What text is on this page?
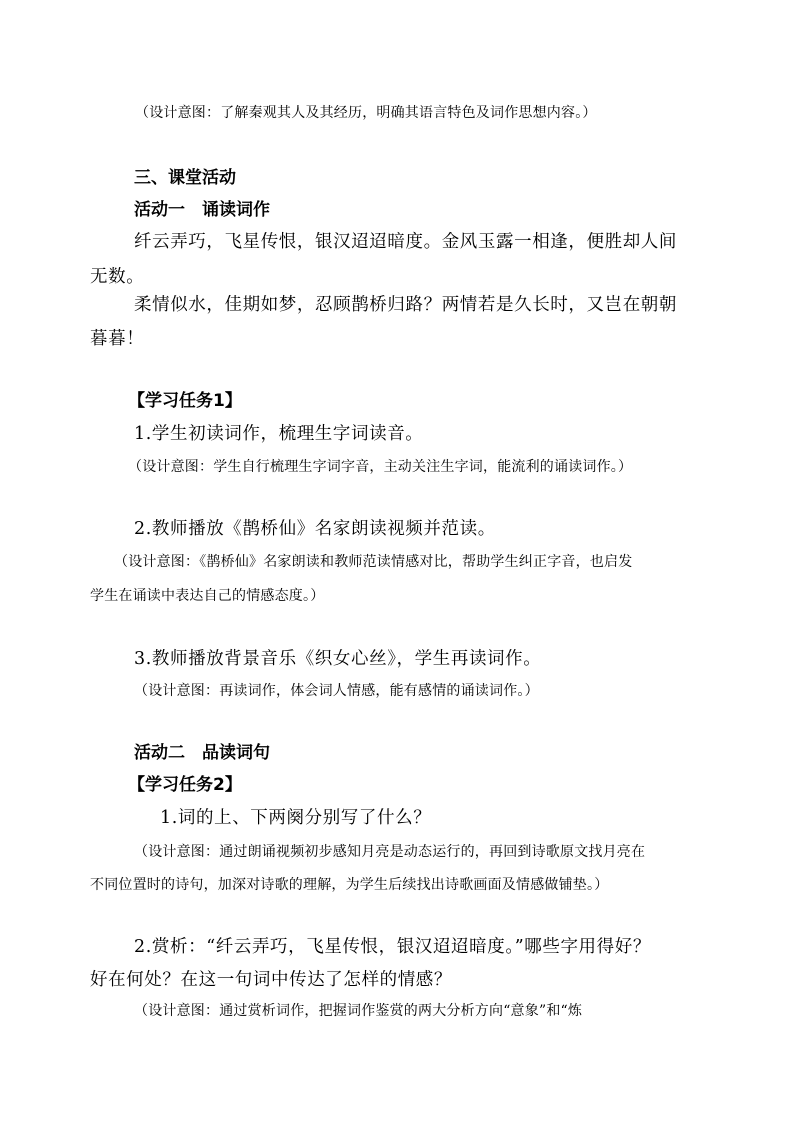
（设计意图：了解秦观其人及其经历，明确其语言特色及词作思想内容。）
三、课堂活动
活动一　诵读词作
纤云弄巧，飞星传恨，银汉迢迢暗度。金风玉露一相逢，便胜却人间
无数。
柔情似水，佳期如梦，忍顾鹊桥归路？两情若是久长时，又岂在朝朝
暮暮！
【学习任务1】
1.学生初读词作，梳理生字词读音。
（设计意图：学生自行梳理生字词字音，主动关注生字词，能流利的诵读词作。）
2.教师播放《鹊桥仙》名家朗读视频并范读。
（设计意图：《鹊桥仙》名家朗读和教师范读情感对比，帮助学生纠正字音，也启发
学生在诵读中表达自己的情感态度。）
3.教师播放背景音乐《织女心丝》，学生再读词作。
（设计意图：再读词作，体会词人情感，能有感情的诵读词作。）
活动二　品读词句
【学习任务2】
1.词的上、下两阕分别写了什么？
（设计意图：通过朗诵视频初步感知月亮是动态运行的，再回到诗歌原文找月亮在
不同位置时的诗句，加深对诗歌的理解，为学生后续找出诗歌画面及情感做铺垫。）
2.赏析：“纤云弄巧，飞星传恨，银汉迢迢暗度。”哪些字用得好？
好在何处？在这一句词中传达了怎样的情感？
（设计意图：通过赏析词作，把握词作鉴赏的两大分析方向“意象”和“炼
